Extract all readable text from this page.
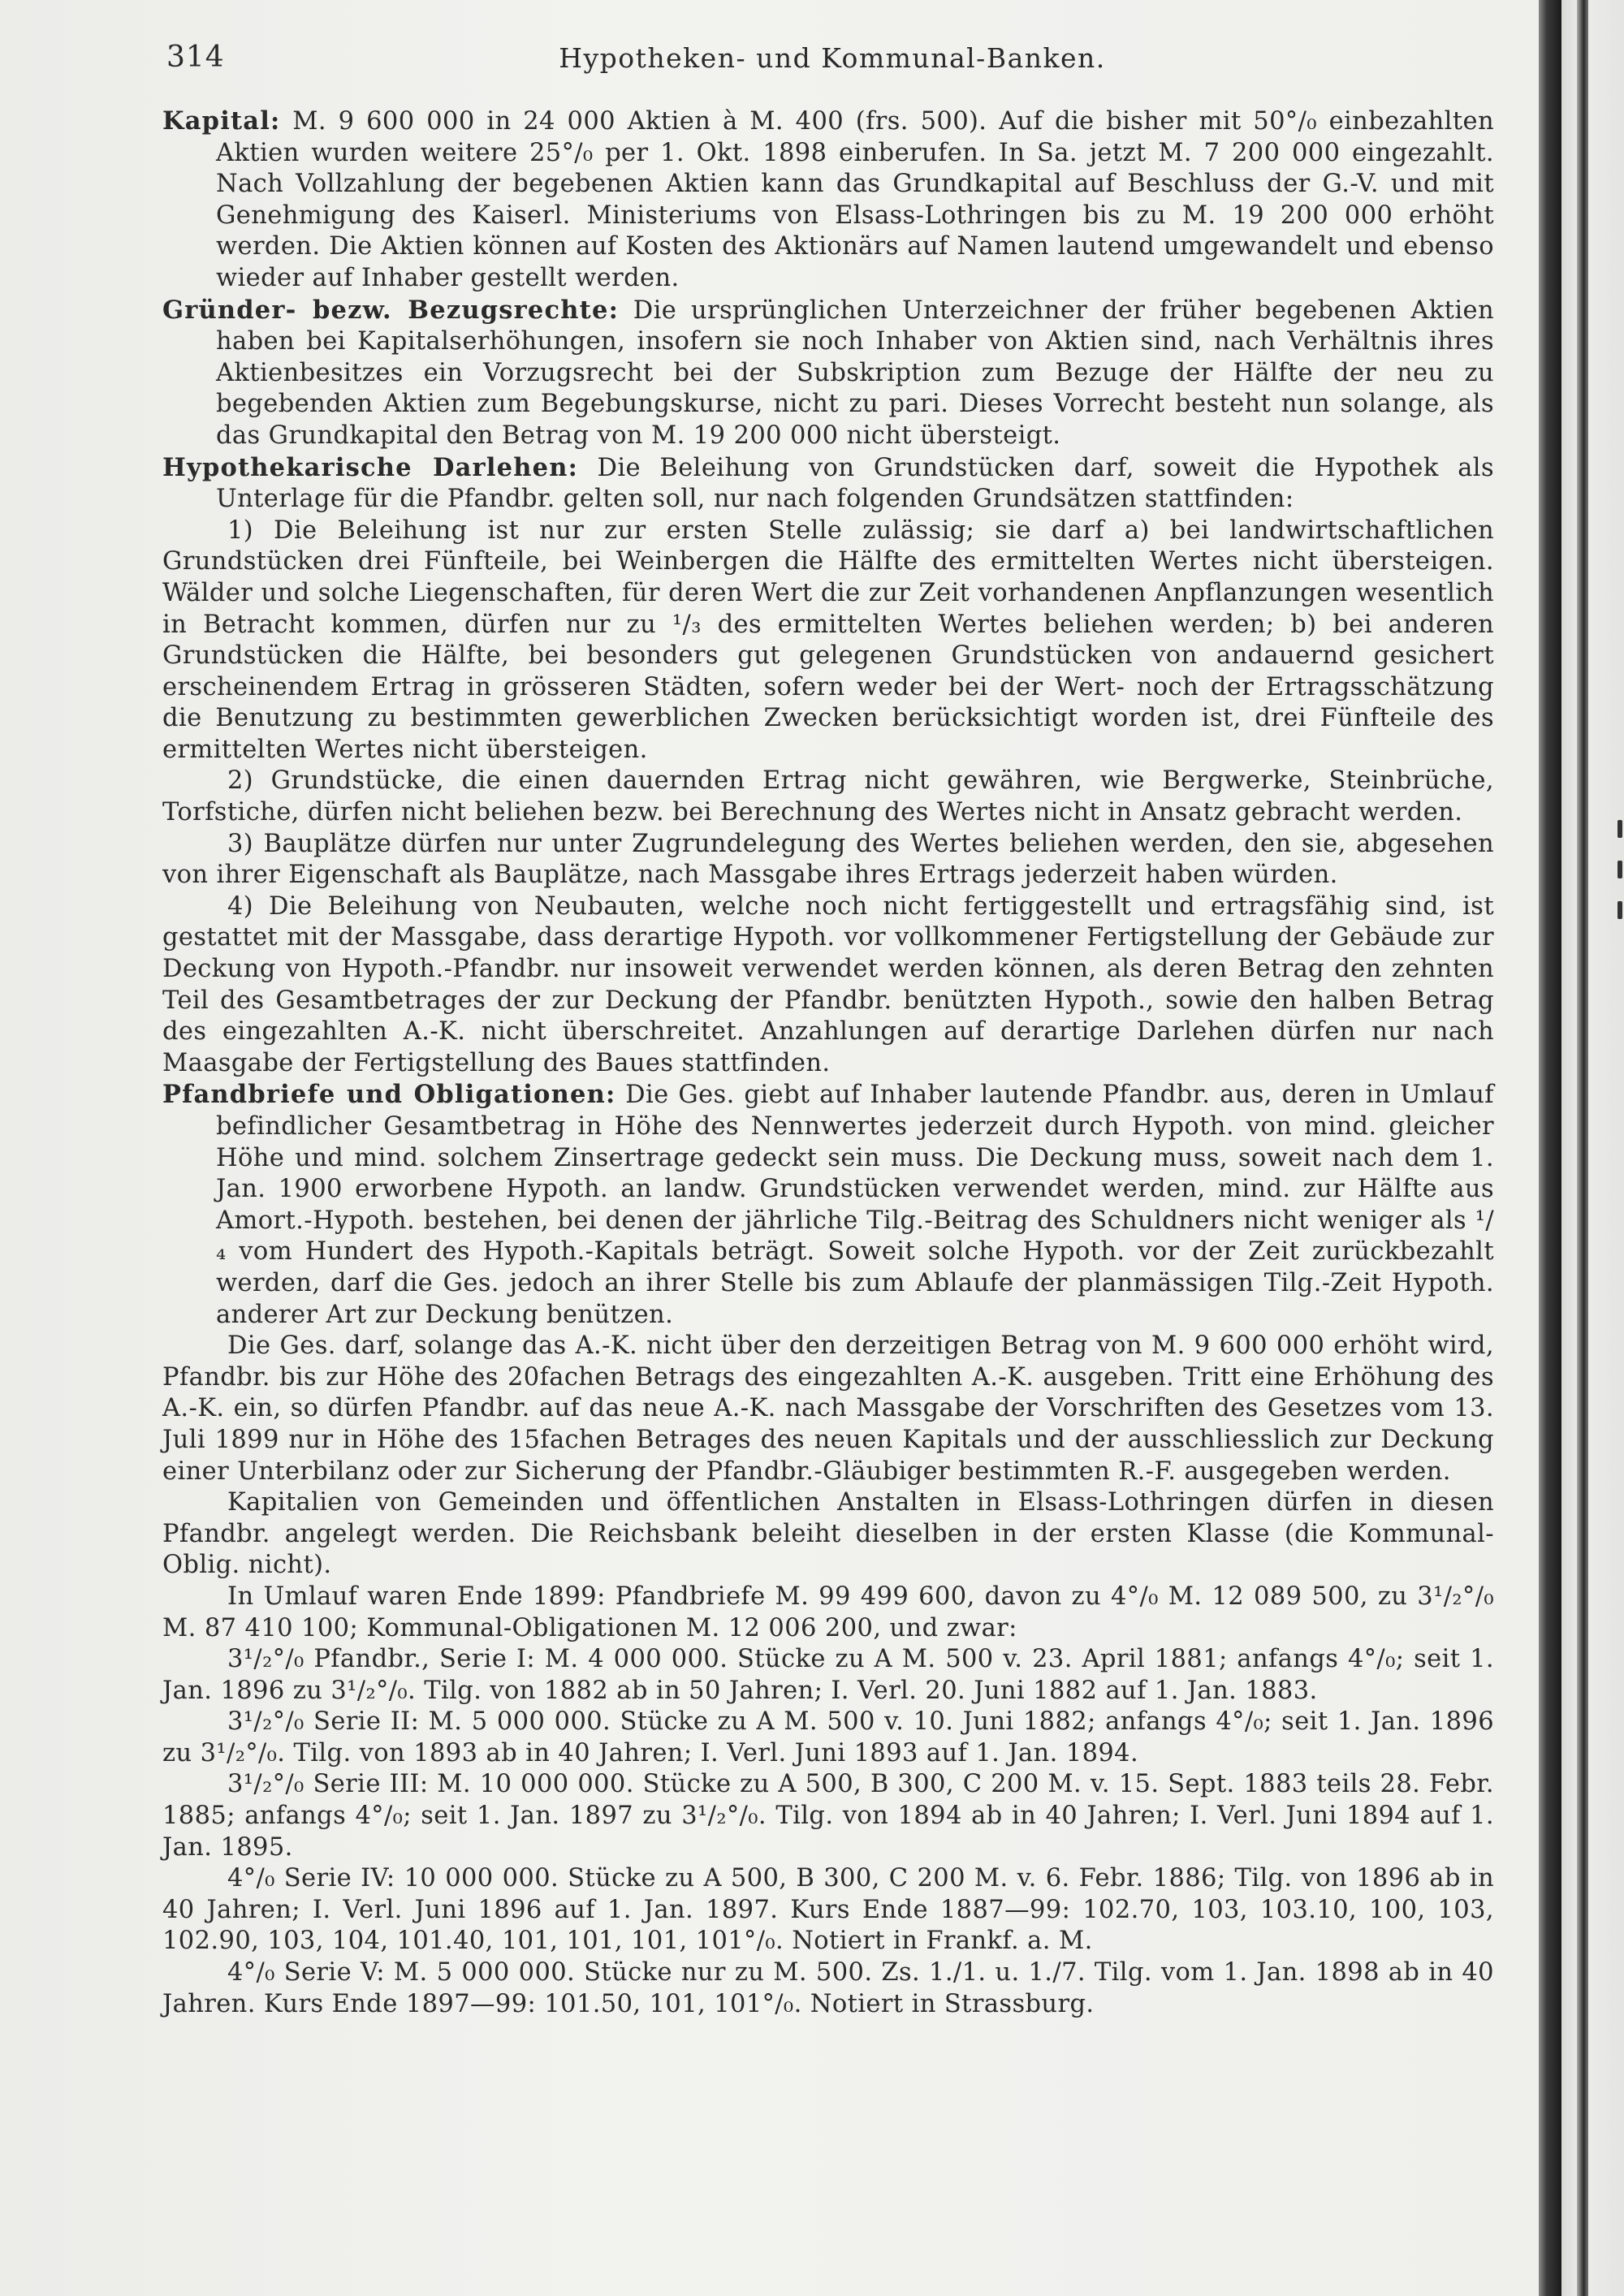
314	Hypotheken- und Kommunal-Banken.

Kapital: M. 9 600 000 in 24 000 Aktien à M. 400 (frs. 500). Auf die bisher mit 50°/₀ einbezahlten Aktien wurden weitere 25°/₀ per 1. Okt. 1898 einberufen. In Sa. jetzt M. 7 200 000 eingezahlt. Nach Vollzahlung der begebenen Aktien kann das Grundkapital auf Beschluss der G.-V. und mit Genehmigung des Kaiserl. Ministeriums von Elsass-Lothringen bis zu M. 19 200 000 erhöht werden. Die Aktien können auf Kosten des Aktionärs auf Namen lautend umgewandelt und ebenso wieder auf Inhaber gestellt werden.

Gründer- bezw. Bezugsrechte: Die ursprünglichen Unterzeichner der früher begebenen Aktien haben bei Kapitalserhöhungen, insofern sie noch Inhaber von Aktien sind, nach Verhältnis ihres Aktienbesitzes ein Vorzugsrecht bei der Subskription zum Bezuge der Hälfte der neu zu begebenden Aktien zum Begebungskurse, nicht zu pari. Dieses Vorrecht besteht nun solange, als das Grundkapital den Betrag von M. 19 200 000 nicht übersteigt.

Hypothekarische Darlehen: Die Beleihung von Grundstücken darf, soweit die Hypothek als Unterlage für die Pfandbr. gelten soll, nur nach folgenden Grundsätzen stattfinden:

1) Die Beleihung ist nur zur ersten Stelle zulässig; sie darf a) bei landwirtschaftlichen Grundstücken drei Fünfteile, bei Weinbergen die Hälfte des ermittelten Wertes nicht übersteigen. Wälder und solche Liegenschaften, für deren Wert die zur Zeit vorhandenen Anpflanzungen wesentlich in Betracht kommen, dürfen nur zu ¹/₃ des ermittelten Wertes beliehen werden; b) bei anderen Grundstücken die Hälfte, bei besonders gut gelegenen Grundstücken von andauernd gesichert erscheinendem Ertrag in grösseren Städten, sofern weder bei der Wert- noch der Ertragsschätzung die Benutzung zu bestimmten gewerblichen Zwecken berücksichtigt worden ist, drei Fünfteile des ermittelten Wertes nicht übersteigen.

2) Grundstücke, die einen dauernden Ertrag nicht gewähren, wie Bergwerke, Steinbrüche, Torfstiche, dürfen nicht beliehen bezw. bei Berechnung des Wertes nicht in Ansatz gebracht werden.

3) Bauplätze dürfen nur unter Zugrundelegung des Wertes beliehen werden, den sie, abgesehen von ihrer Eigenschaft als Bauplätze, nach Massgabe ihres Ertrags jederzeit haben würden.

4) Die Beleihung von Neubauten, welche noch nicht fertiggestellt und ertragsfähig sind, ist gestattet mit der Massgabe, dass derartige Hypoth. vor vollkommener Fertigstellung der Gebäude zur Deckung von Hypoth.-Pfandbr. nur insoweit verwendet werden können, als deren Betrag den zehnten Teil des Gesamtbetrages der zur Deckung der Pfandbr. benützten Hypoth., sowie den halben Betrag des eingezahlten A.-K. nicht überschreitet. Anzahlungen auf derartige Darlehen dürfen nur nach Maasgabe der Fertigstellung des Baues stattfinden.

Pfandbriefe und Obligationen: Die Ges. giebt auf Inhaber lautende Pfandbr. aus, deren in Umlauf befindlicher Gesamtbetrag in Höhe des Nennwertes jederzeit durch Hypoth. von mind. gleicher Höhe und mind. solchem Zinsertrage gedeckt sein muss. Die Deckung muss, soweit nach dem 1. Jan. 1900 erworbene Hypoth. an landw. Grundstücken verwendet werden, mind. zur Hälfte aus Amort.-Hypoth. bestehen, bei denen der jährliche Tilg.-Beitrag des Schuldners nicht weniger als ¹/₄ vom Hundert des Hypoth.-Kapitals beträgt. Soweit solche Hypoth. vor der Zeit zurückbezahlt werden, darf die Ges. jedoch an ihrer Stelle bis zum Ablaufe der planmässigen Tilg.-Zeit Hypoth. anderer Art zur Deckung benützen.

Die Ges. darf, solange das A.-K. nicht über den derzeitigen Betrag von M. 9 600 000 erhöht wird, Pfandbr. bis zur Höhe des 20fachen Betrags des eingezahlten A.-K. ausgeben. Tritt eine Erhöhung des A.-K. ein, so dürfen Pfandbr. auf das neue A.-K. nach Massgabe der Vorschriften des Gesetzes vom 13. Juli 1899 nur in Höhe des 15fachen Betrages des neuen Kapitals und der ausschliesslich zur Deckung einer Unterbilanz oder zur Sicherung der Pfandbr.-Gläubiger bestimmten R.-F. ausgegeben werden.

Kapitalien von Gemeinden und öffentlichen Anstalten in Elsass-Lothringen dürfen in diesen Pfandbr. angelegt werden. Die Reichsbank beleiht dieselben in der ersten Klasse (die Kommunal-Oblig. nicht).

In Umlauf waren Ende 1899: Pfandbriefe M. 99 499 600, davon zu 4°/₀ M. 12 089 500, zu 3¹/₂°/₀ M. 87 410 100; Kommunal-Obligationen M. 12 006 200, und zwar:

3¹/₂°/₀ Pfandbr., Serie I: M. 4 000 000. Stücke zu A M. 500 v. 23. April 1881; anfangs 4°/₀; seit 1. Jan. 1896 zu 3¹/₂°/₀. Tilg. von 1882 ab in 50 Jahren; I. Verl. 20. Juni 1882 auf 1. Jan. 1883.

3¹/₂°/₀ Serie II: M. 5 000 000. Stücke zu A M. 500 v. 10. Juni 1882; anfangs 4°/₀; seit 1. Jan. 1896 zu 3¹/₂°/₀. Tilg. von 1893 ab in 40 Jahren; I. Verl. Juni 1893 auf 1. Jan. 1894.

3¹/₂°/₀ Serie III: M. 10 000 000. Stücke zu A 500, B 300, C 200 M. v. 15. Sept. 1883 teils 28. Febr. 1885; anfangs 4°/₀; seit 1. Jan. 1897 zu 3¹/₂°/₀. Tilg. von 1894 ab in 40 Jahren; I. Verl. Juni 1894 auf 1. Jan. 1895.

4°/₀ Serie IV: 10 000 000. Stücke zu A 500, B 300, C 200 M. v. 6. Febr. 1886; Tilg. von 1896 ab in 40 Jahren; I. Verl. Juni 1896 auf 1. Jan. 1897. Kurs Ende 1887—99: 102.70, 103, 103.10, 100, 103, 102.90, 103, 104, 101.40, 101, 101, 101, 101°/₀. Notiert in Frankf. a. M.

4°/₀ Serie V: M. 5 000 000. Stücke nur zu M. 500. Zs. 1./1. u. 1./7. Tilg. vom 1. Jan. 1898 ab in 40 Jahren. Kurs Ende 1897—99: 101.50, 101, 101°/₀. Notiert in Strassburg.
